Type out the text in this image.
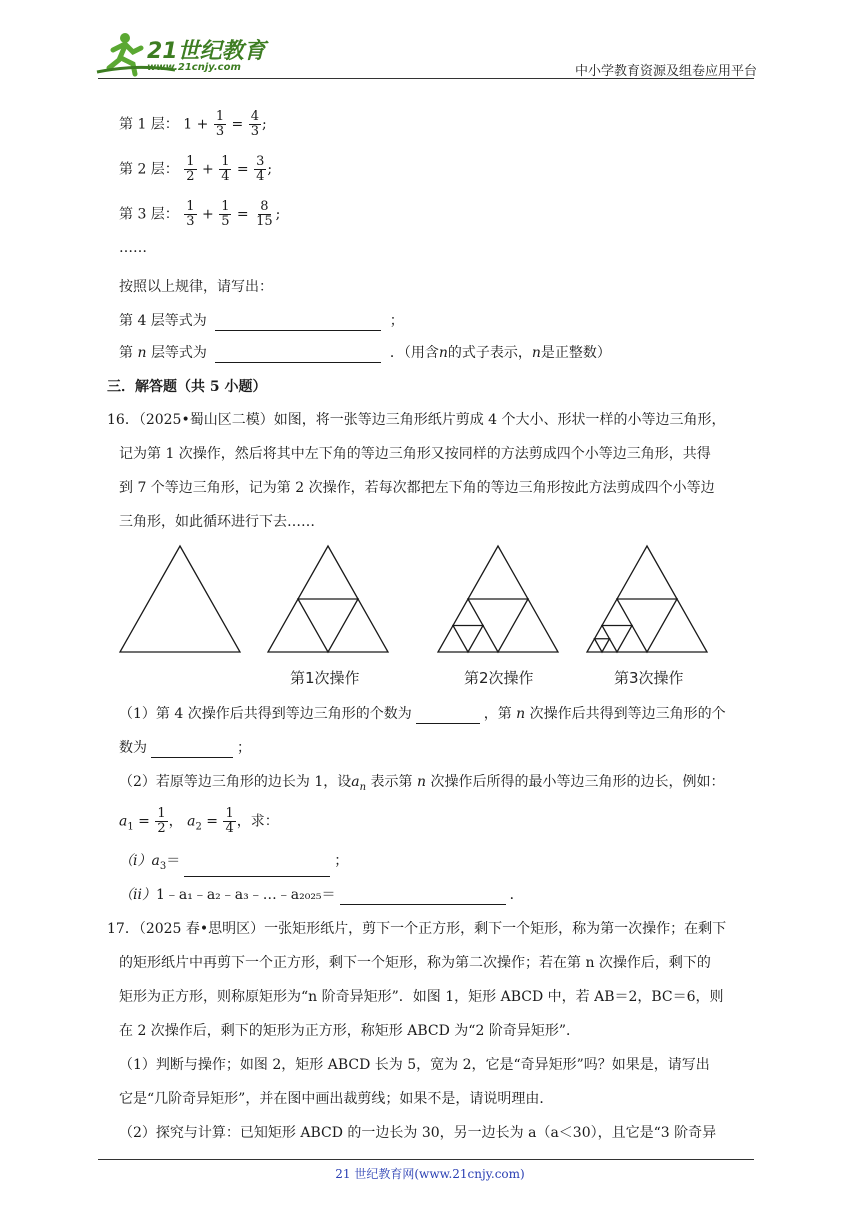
21世纪教育
www.21cnjy.com	中小学教育资源及组卷应用平台
第 1 层： $1 + \frac{1}{3} = \frac{4}{3}$ ;
第 2 层： $\frac{1}{2} + \frac{1}{4} = \frac{3}{4}$ ;
第 3 层： $\frac{1}{3} + \frac{1}{5} = \frac{8}{15}$ ;
……
按照以上规律，请写出：
第 4 层等式为	；
第 n 层等式为	．（用含n的式子表示，n是正整数）
三．解答题（共 5 小题）
16．（2025•蜀山区二模）如图，将一张等边三角形纸片剪成 4 个大小、形状一样的小等边三角形，
记为第 1 次操作，然后将其中左下角的等边三角形又按同样的方法剪成四个小等边三角形，共得
到 7 个等边三角形，记为第 2 次操作，若每次都把左下角的等边三角形按此方法剪成四个小等边
三角形，如此循环进行下去……
第1次操作	第2次操作	第3次操作
（1）第 4 次操作后共得到等边三角形的个数为	，第 n 次操作后共得到等边三角形的个
数为	；
（2）若原等边三角形的边长为 1，设$a_n$ 表示第 n 次操作后所得的最小等边三角形的边长，例如：
$a_1 = \frac{1}{2}$ ， $a_2 = \frac{1}{4}$ ，求：
$(i)a_3=$	；
（ii）1﹣a₁﹣a₂﹣a₃﹣…﹣a₂₀₂₅＝	．
17．（2025 春•思明区）一张矩形纸片，剪下一个正方形，剩下一个矩形，称为第一次操作；在剩下
的矩形纸片中再剪下一个正方形，剩下一个矩形，称为第二次操作；若在第 n 次操作后，剩下的
矩形为正方形，则称原矩形为“n 阶奇异矩形”．如图 1，矩形 ABCD 中，若 AB＝2，BC＝6，则
在 2 次操作后，剩下的矩形为正方形，称矩形 ABCD 为“2 阶奇异矩形”．
（1）判断与操作；如图 2，矩形 ABCD 长为 5，宽为 2，它是“奇异矩形”吗？如果是，请写出
它是“几阶奇异矩形”，并在图中画出裁剪线；如果不是，请说明理由．
（2）探究与计算：已知矩形 ABCD 的一边长为 30，另一边长为 a（a＜30），且它是“3 阶奇异
21 世纪教育网(www.21cnjy.com)
